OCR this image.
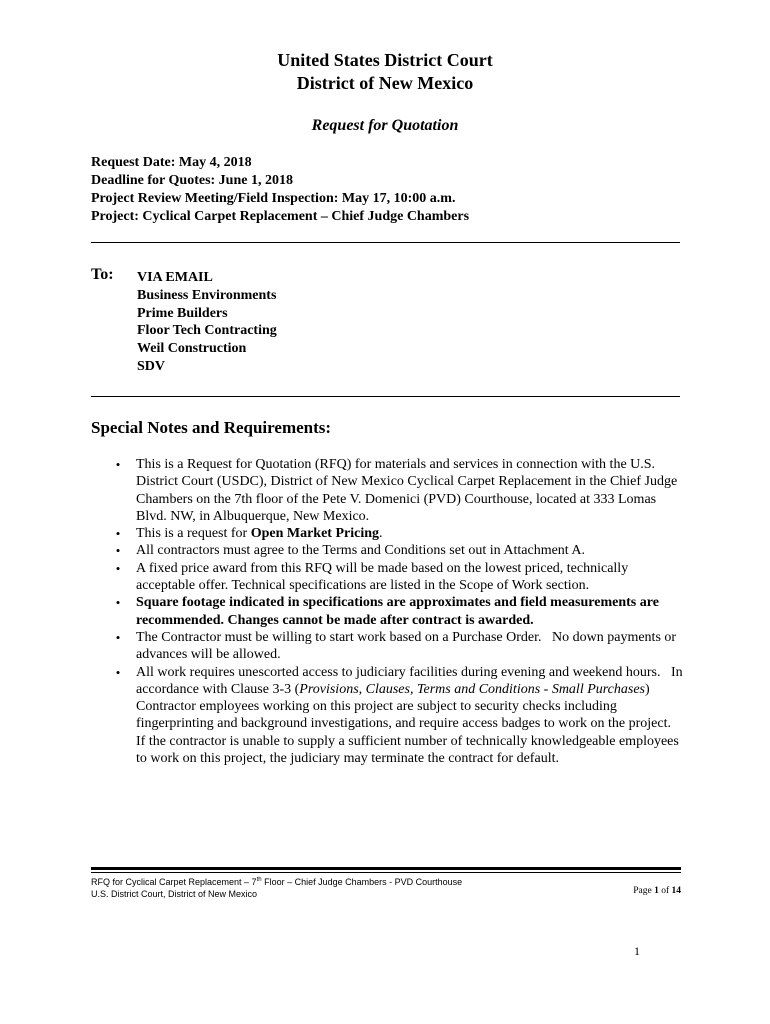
United States District Court
District of New Mexico
Request for Quotation
Request Date: May 4, 2018
Deadline for Quotes: June 1, 2018
Project Review Meeting/Field Inspection: May 17, 10:00 a.m.
Project: Cyclical Carpet Replacement – Chief Judge Chambers
To: VIA EMAIL
Business Environments
Prime Builders
Floor Tech Contracting
Weil Construction
SDV
Special Notes and Requirements:
• This is a Request for Quotation (RFQ) for materials and services in connection with the U.S. District Court (USDC), District of New Mexico Cyclical Carpet Replacement in the Chief Judge Chambers on the 7th floor of the Pete V. Domenici (PVD) Courthouse, located at 333 Lomas Blvd. NW, in Albuquerque, New Mexico.
• This is a request for Open Market Pricing.
• All contractors must agree to the Terms and Conditions set out in Attachment A.
• A fixed price award from this RFQ will be made based on the lowest priced, technically acceptable offer. Technical specifications are listed in the Scope of Work section.
• Square footage indicated in specifications are approximates and field measurements are recommended. Changes cannot be made after contract is awarded.
• The Contractor must be willing to start work based on a Purchase Order.   No down payments or advances will be allowed.
• All work requires unescorted access to judiciary facilities during evening and weekend hours.   In accordance with Clause 3-3 (Provisions, Clauses, Terms and Conditions - Small Purchases) Contractor employees working on this project are subject to security checks including fingerprinting and background investigations, and require access badges to work on the project. If the contractor is unable to supply a sufficient number of technically knowledgeable employees to work on this project, the judiciary may terminate the contract for default.
RFQ for Cyclical Carpet Replacement – 7th Floor – Chief Judge Chambers - PVD Courthouse
U.S. District Court, District of New Mexico	Page 1 of 14
1
